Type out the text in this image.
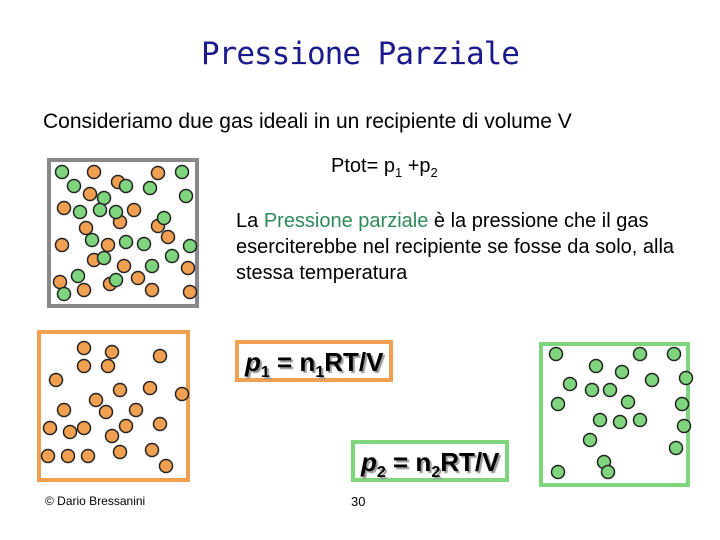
Pressione Parziale
Consideriamo due gas ideali in un recipiente di volume V
Ptot= $p_1 +p_2$
La Pressione parziale è la pressione che il gas eserciterebbe nel recipiente se fosse da solo, alla stessa temperatura
$p_1 = n_1RT/V$
$p_2 = n_2RT/V$
© Dario Bressanini	30
